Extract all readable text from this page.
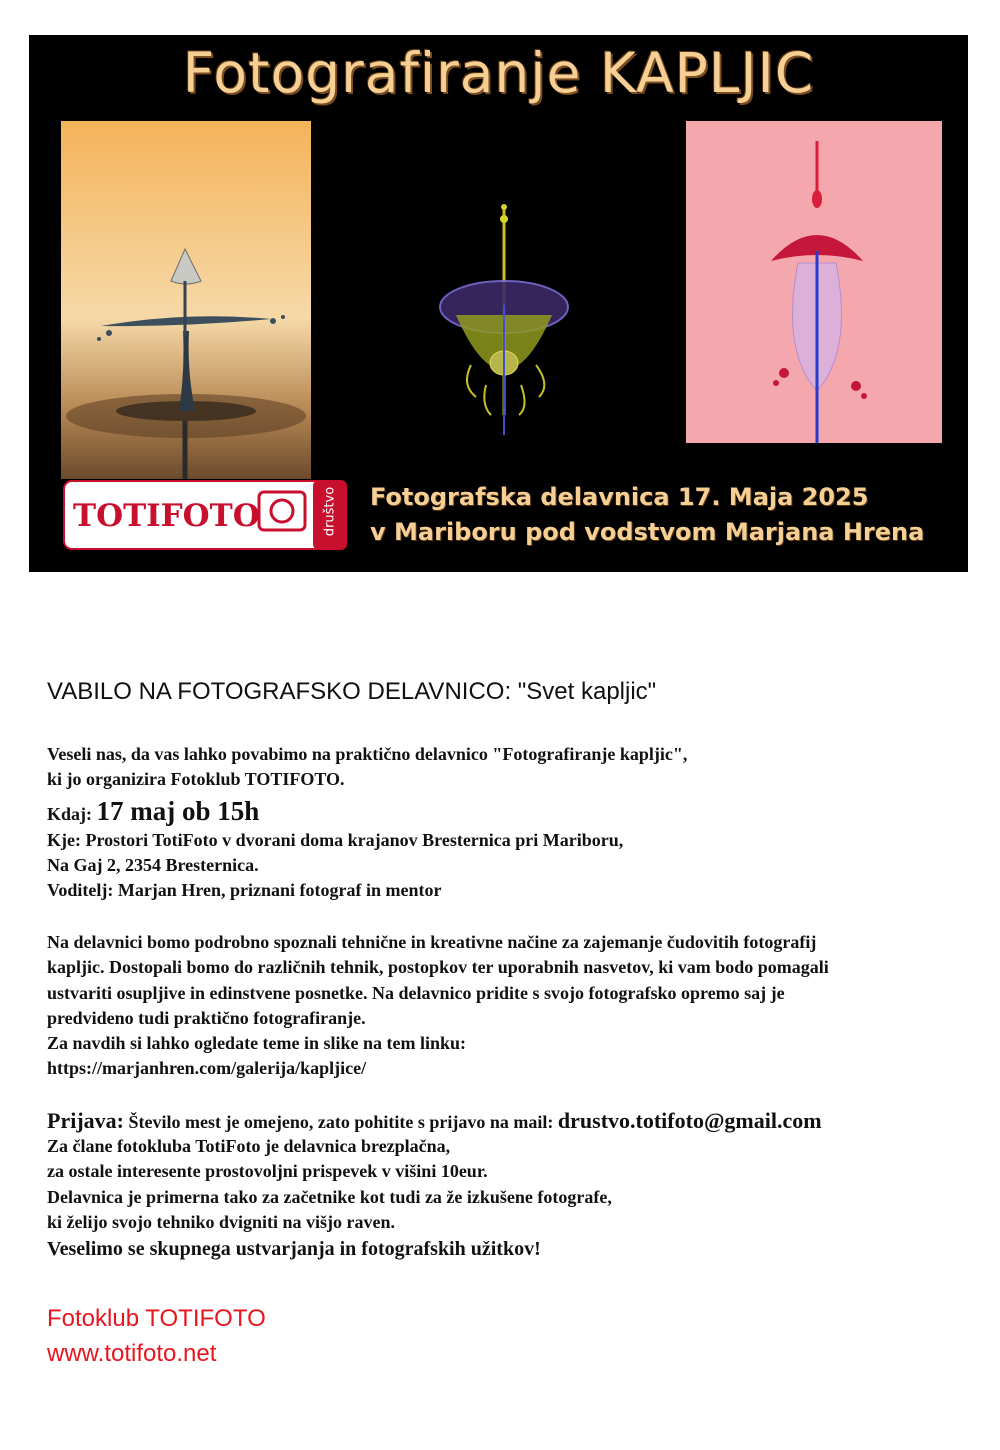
Fotografiranje KAPLJIC
TOTIFOTO	društvo Fotografska delavnica 17. Maja 2025
v Mariboru pod vodstvom Marjana Hrena
VABILO NA FOTOGRAFSKO DELAVNICO: "Svet kapljic"
Veseli nas, da vas lahko povabimo na praktično delavnico "Fotografiranje kapljic",
ki jo organizira Fotoklub TOTIFOTO.
Kdaj: 17 maj ob 15h
Kje: Prostori TotiFoto v dvorani doma krajanov Bresternica pri Mariboru,
Na Gaj 2, 2354 Bresternica.
Voditelj: Marjan Hren, priznani fotograf in mentor
Na delavnici bomo podrobno spoznali tehnične in kreativne načine za zajemanje čudovitih fotografij
kapljic. Dostopali bomo do različnih tehnik, postopkov ter uporabnih nasvetov, ki vam bodo pomagali
ustvariti osupljive in edinstvene posnetke. Na delavnico pridite s svojo fotografsko opremo saj je
predvideno tudi praktično fotografiranje.
Za navdih si lahko ogledate teme in slike na tem linku:
https://marjanhren.com/galerija/kapljice/
Prijava: Število mest je omejeno, zato pohitite s prijavo na mail: drustvo.totifoto@gmail.com
Za člane fotokluba TotiFoto je delavnica brezplačna,
za ostale interesente prostovoljni prispevek v višini 10eur.
Delavnica je primerna tako za začetnike kot tudi za že izkušene fotografe,
ki želijo svojo tehniko dvigniti na višjo raven.
Veselimo se skupnega ustvarjanja in fotografskih užitkov!
Fotoklub TOTIFOTO
www.totifoto.net
